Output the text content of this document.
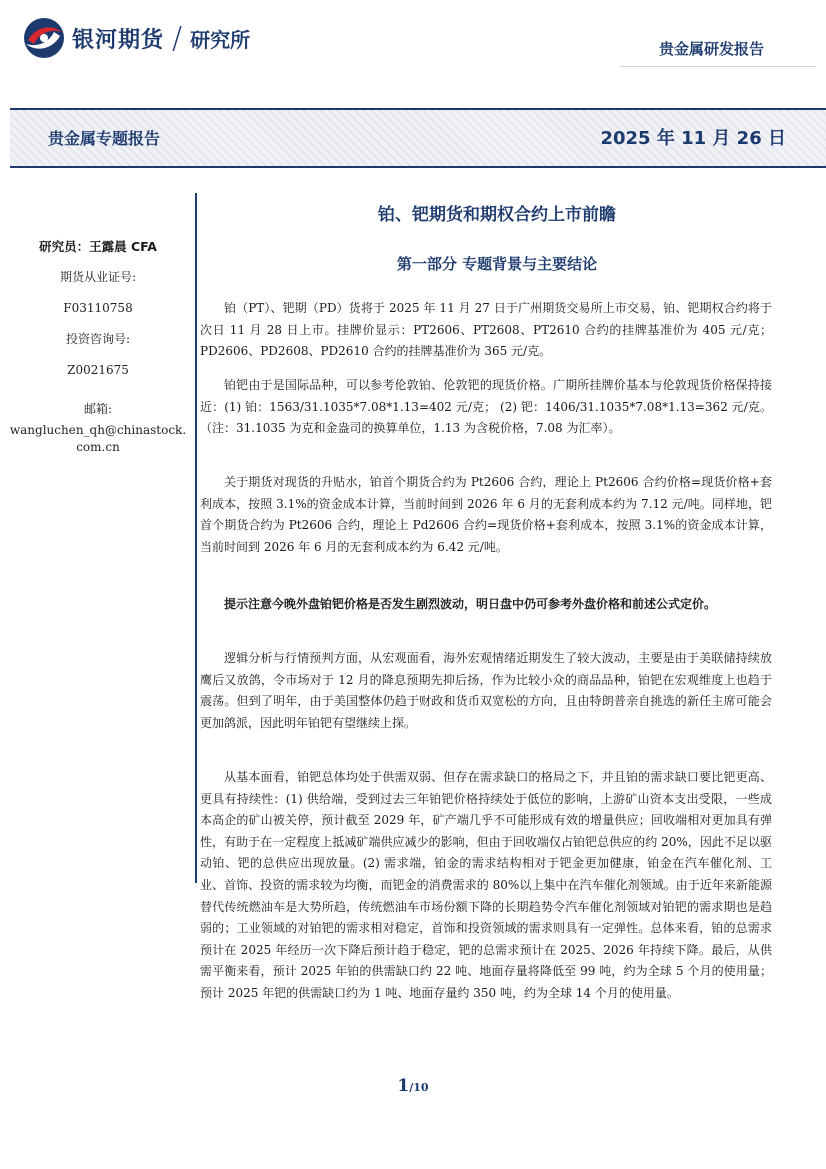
银河期货 / 研究所	贵金属研发报告
贵金属专题报告	2025 年 11 月 26 日
研究员：王露晨 CFA
期货从业证号:
F03110758
投资咨询号:
Z0021675
邮箱:
wangluchen_qh@chinastock.com.cn
铂、钯期货和期权合约上市前瞻
第一部分 专题背景与主要结论
铂（PT）、钯期（PD）货将于 2025 年 11 月 27 日于广州期货交易所上市交易，铂、钯期权合约将于次日 11 月 28 日上市。挂牌价显示：PT2606、PT2608、PT2610 合约的挂牌基准价为 405 元/克；PD2606、PD2608、PD2610 合约的挂牌基准价为 365 元/克。
铂钯由于是国际品种，可以参考伦敦铂、伦敦钯的现货价格。广期所挂牌价基本与伦敦现货价格保持接近：(1) 铂：1563/31.1035*7.08*1.13=402 元/克； (2) 钯：1406/31.1035*7.08*1.13=362 元/克。（注：31.1035 为克和金盎司的换算单位，1.13 为含税价格，7.08 为汇率）。
关于期货对现货的升贴水，铂首个期货合约为 Pt2606 合约，理论上 Pt2606 合约价格=现货价格+套利成本，按照 3.1%的资金成本计算，当前时间到 2026 年 6 月的无套利成本约为 7.12 元/吨。同样地，钯首个期货合约为 Pt2606 合约，理论上 Pd2606 合约=现货价格+套利成本，按照 3.1%的资金成本计算，当前时间到 2026 年 6 月的无套利成本约为 6.42 元/吨。
提示注意今晚外盘铂钯价格是否发生剧烈波动，明日盘中仍可参考外盘价格和前述公式定价。
逻辑分析与行情预判方面，从宏观面看，海外宏观情绪近期发生了较大波动，主要是由于美联储持续放鹰后又放鸽，令市场对于 12 月的降息预期先抑后扬，作为比较小众的商品品种，铂钯在宏观维度上也趋于震荡。但到了明年，由于美国整体仍趋于财政和货币双宽松的方向，且由特朗普亲自挑选的新任主席可能会更加鸽派，因此明年铂钯有望继续上探。
从基本面看，铂钯总体均处于供需双弱、但存在需求缺口的格局之下，并且铂的需求缺口要比钯更高、更具有持续性：(1) 供给端，受到过去三年铂钯价格持续处于低位的影响，上游矿山资本支出受限，一些成本高企的矿山被关停，预计截至 2029 年，矿产端几乎不可能形成有效的增量供应；回收端相对更加具有弹性，有助于在一定程度上抵减矿端供应减少的影响，但由于回收端仅占铂钯总供应的约 20%，因此不足以驱动铂、钯的总供应出现放量。(2) 需求端，铂金的需求结构相对于钯金更加健康，铂金在汽车催化剂、工业、首饰、投资的需求较为均衡，而钯金的消费需求的 80%以上集中在汽车催化剂领域。由于近年来新能源替代传统燃油车是大势所趋，传统燃油车市场份额下降的长期趋势令汽车催化剂领域对铂钯的需求期也是趋弱的；工业领域的对铂钯的需求相对稳定，首饰和投资领域的需求则具有一定弹性。总体来看，铂的总需求预计在 2025 年经历一次下降后预计趋于稳定，钯的总需求预计在 2025、2026 年持续下降。最后，从供需平衡来看，预计 2025 年铂的供需缺口约 22 吨、地面存量将降低至 99 吨，约为全球 5 个月的使用量；预计 2025 年钯的供需缺口约为 1 吨、地面存量约 350 吨，约为全球 14 个月的使用量。
1/10
